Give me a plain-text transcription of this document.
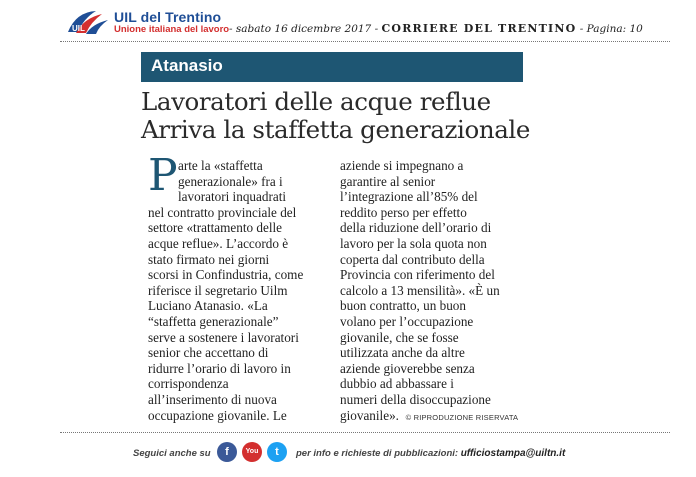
UIL
UIL del Trentino
Unione italiana del lavoro - sabato 16 dicembre 2017 - CORRIERE DEL TRENTINO - Pagina: 10
Atanasio
Lavoratori delle acque reflue
Arriva la staffetta generazionale
P arte la «staffetta
generazionale» fra i
lavoratori inquadrati
nel contratto provinciale del
settore «trattamento delle
acque reflue». L’accordo è
stato firmato nei giorni
scorsi in Confindustria, come
riferisce il segretario Uilm
Luciano Atanasio. «La
“staffetta generazionale”
serve a sostenere i lavoratori
senior che accettano di
ridurre l’orario di lavoro in
corrispondenza
all’inserimento di nuova
occupazione giovanile. Le
aziende si impegnano a
garantire al senior
l’integrazione all’85% del
reddito perso per effetto
della riduzione dell’orario di
lavoro per la sola quota non
coperta dal contributo della
Provincia con riferimento del
calcolo a 13 mensilità». «È un
buon contratto, un buon
volano per l’occupazione
giovanile, che se fosse
utilizzata anche da altre
aziende gioverebbe senza
dubbio ad abbassare i
numeri della disoccupazione
giovanile». © RIPRODUZIONE RISERVATA
Seguici anche su	f	You	t	per info e richieste di pubblicazioni: ufficiostampa@uiltn.it
